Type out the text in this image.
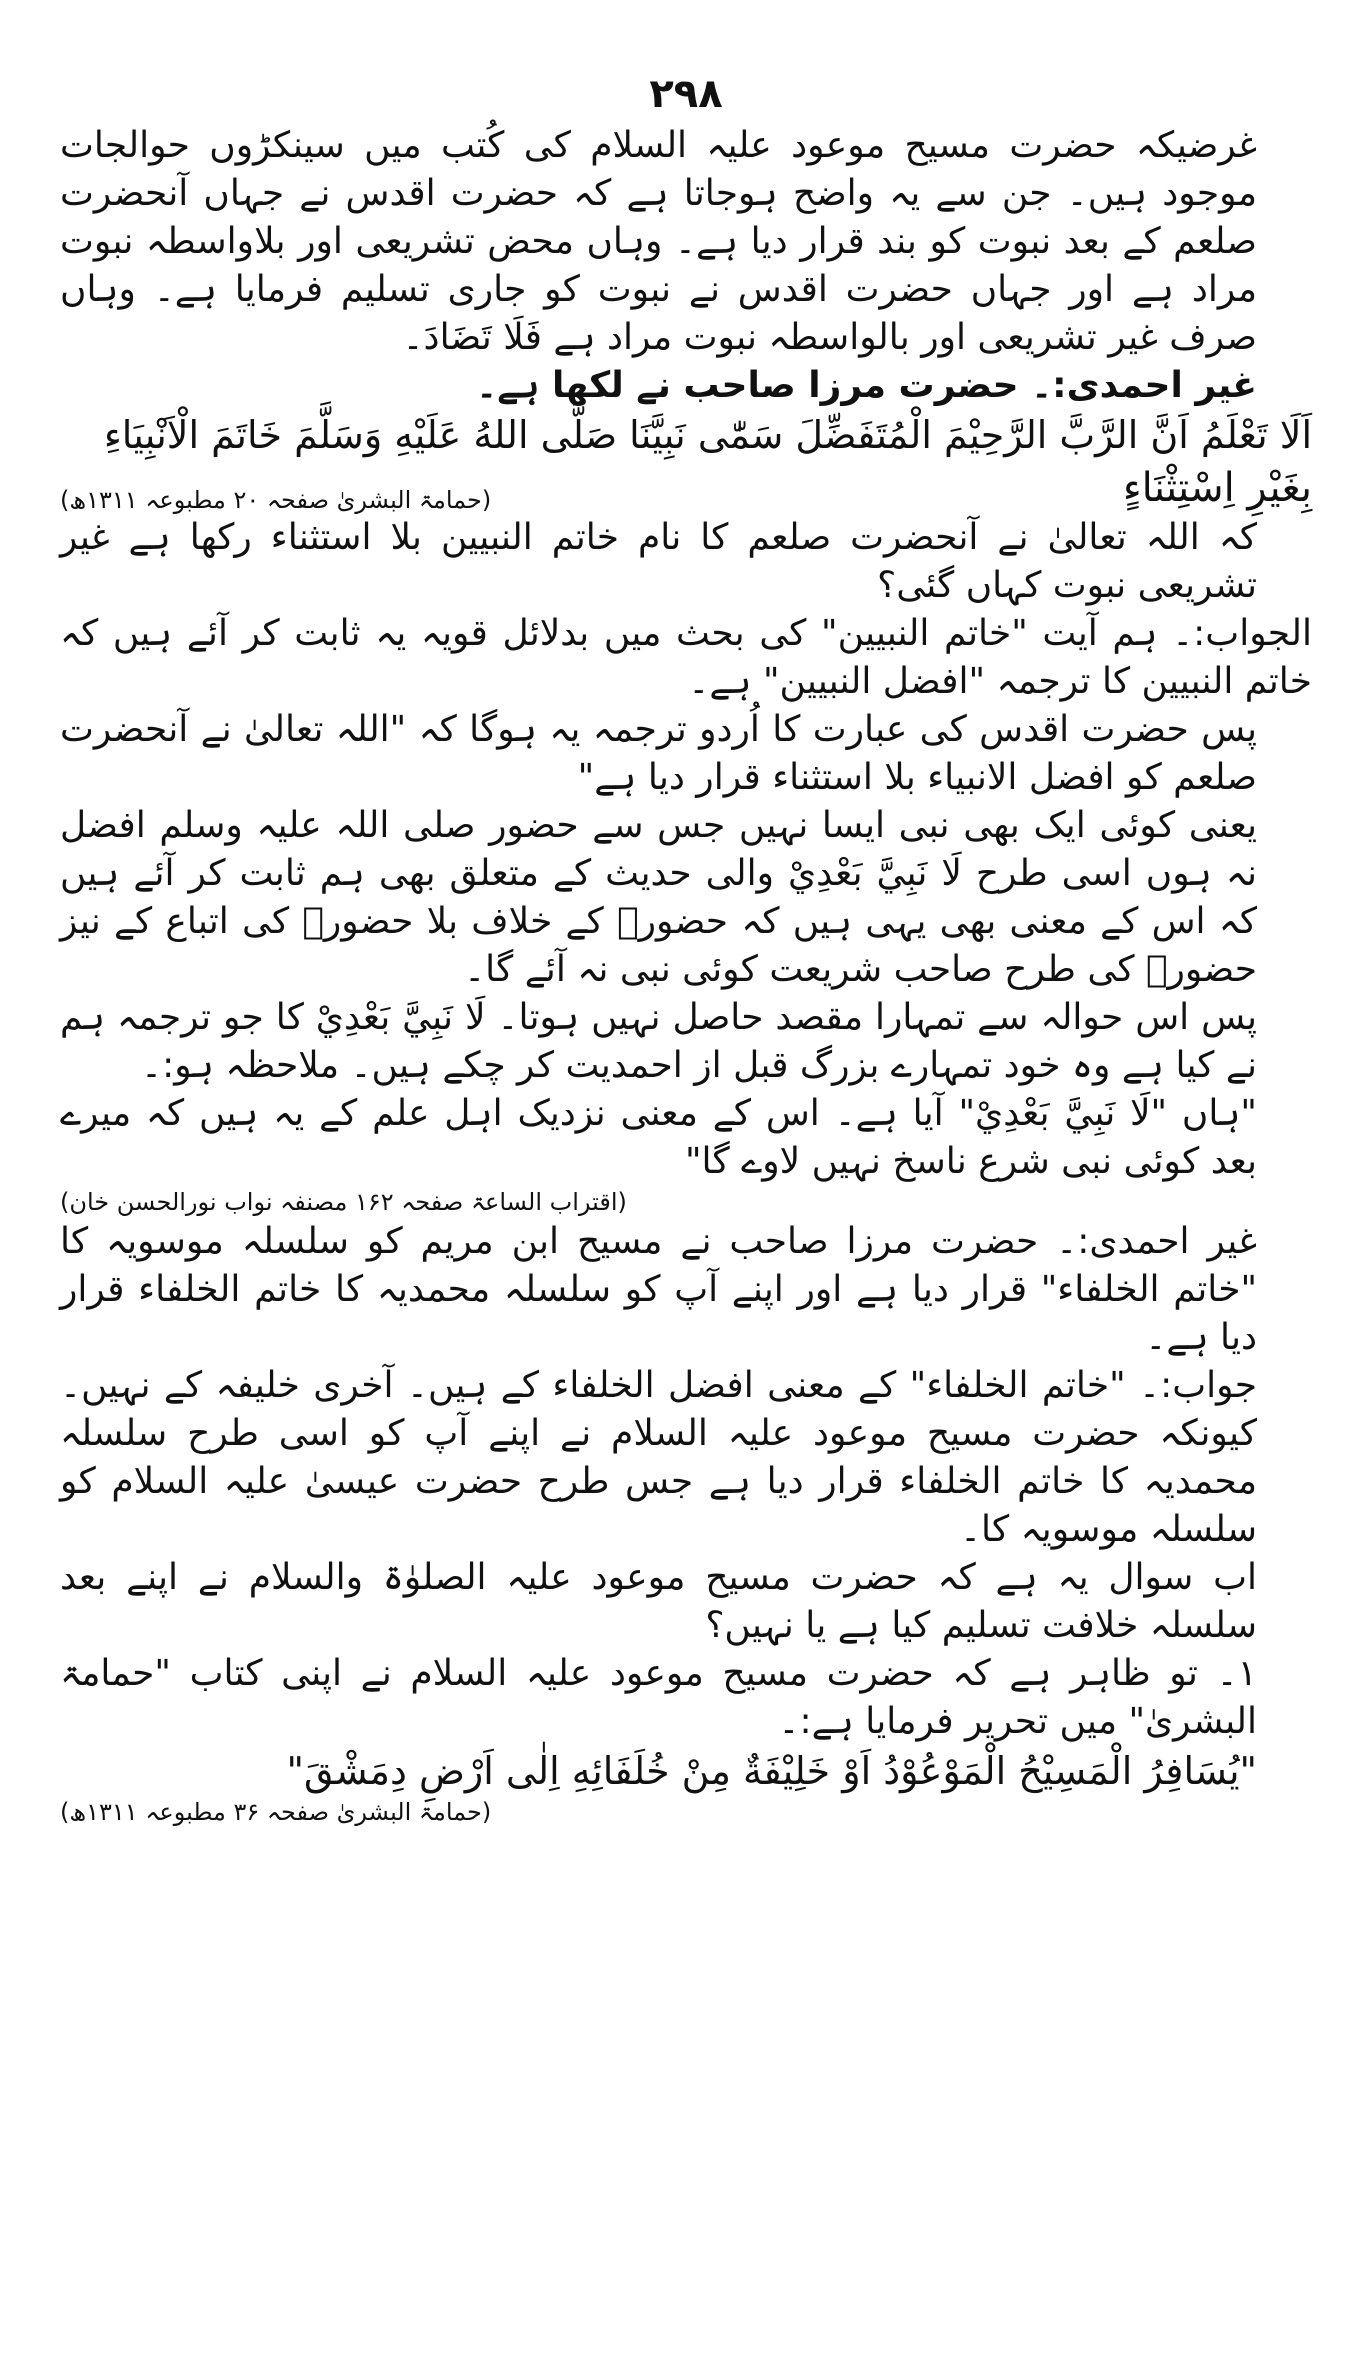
۲۹۸

غرضیکہ حضرت مسیح موعود علیہ السلام کی کُتب میں سینکڑوں حوالجات موجود ہیں۔ جن سے یہ واضح ہوجاتا ہے کہ حضرت اقدس نے جہاں آنحضرت صلعم کے بعد نبوت کو بند قرار دیا ہے۔ وہاں محض تشریعی اور بلاواسطہ نبوت مراد ہے اور جہاں حضرت اقدس نے نبوت کو جاری تسلیم فرمایا ہے۔ وہاں صرف غیر تشریعی اور بالواسطہ نبوت مراد ہے فَلَا تَضَادَ۔

غیر احمدی:۔ حضرت مرزا صاحب نے لکھا ہے۔

اَلَا تَعْلَمُ اَنَّ الرَّبَّ الرَّحِيْمَ الْمُتَفَضِّلَ سَمّٰى نَبِيَّنَا صَلَّى اللهُ عَلَيْهِ وَسَلَّمَ خَاتَمَ الْاَنْبِيَاءِ

بِغَيْرِ اِسْتِثْنَاءٍ
(حمامۃ البشریٰ صفحہ ۲۰ مطبوعہ ۱۳۱۱ھ)

کہ اللہ تعالیٰ نے آنحضرت صلعم کا نام خاتم النبیین بلا استثناء رکھا ہے غیر تشریعی نبوت کہاں گئی؟

الجواب:۔ ہم آیت "خاتم النبیین" کی بحث میں بدلائل قویہ یہ ثابت کر آئے ہیں کہ خاتم النبیین کا ترجمہ "افضل النبیین" ہے۔

پس حضرت اقدس کی عبارت کا اُردو ترجمہ یہ ہوگا کہ "اللہ تعالیٰ نے آنحضرت صلعم کو افضل الانبیاء بلا استثناء قرار دیا ہے"

یعنی کوئی ایک بھی نبی ایسا نہیں جس سے حضور صلی اللہ علیہ وسلم افضل نہ ہوں اسی طرح لَا نَبِيَّ بَعْدِيْ والی حدیث کے متعلق بھی ہم ثابت کر آئے ہیں کہ اس کے معنی بھی یہی ہیں کہ حضورؐ کے خلاف بلا حضورؐ کی اتباع کے نیز حضورؐ کی طرح صاحب شریعت کوئی نبی نہ آئے گا۔

پس اس حوالہ سے تمہارا مقصد حاصل نہیں ہوتا۔ لَا نَبِيَّ بَعْدِيْ کا جو ترجمہ ہم نے کیا ہے وہ خود تمہارے بزرگ قبل از احمدیت کر چکے ہیں۔ ملاحظہ ہو:۔

"ہاں "لَا نَبِيَّ بَعْدِيْ" آیا ہے۔ اس کے معنی نزدیک اہل علم کے یہ ہیں کہ میرے بعد کوئی نبی شرع ناسخ نہیں لاوے گا"

(اقتراب الساعۃ صفحہ ۱۶۲ مصنفہ نواب نورالحسن خان)

غیر احمدی:۔ حضرت مرزا صاحب نے مسیح ابن مریم کو سلسلہ موسویہ کا "خاتم الخلفاء" قرار دیا ہے اور اپنے آپ کو سلسلہ محمدیہ کا خاتم الخلفاء قرار دیا ہے۔

جواب:۔ "خاتم الخلفاء" کے معنی افضل الخلفاء کے ہیں۔ آخری خلیفہ کے نہیں۔ کیونکہ حضرت مسیح موعود علیہ السلام نے اپنے آپ کو اسی طرح سلسلہ محمدیہ کا خاتم الخلفاء قرار دیا ہے جس طرح حضرت عیسیٰ علیہ السلام کو سلسلہ موسویہ کا۔

اب سوال یہ ہے کہ حضرت مسیح موعود علیہ الصلوٰۃ والسلام نے اپنے بعد سلسلہ خلافت تسلیم کیا ہے یا نہیں؟

۱۔ تو ظاہر ہے کہ حضرت مسیح موعود علیہ السلام نے اپنی کتاب "حمامۃ البشریٰ" میں تحریر فرمایا ہے:۔

"يُسَافِرُ الْمَسِيْحُ الْمَوْعُوْدُ اَوْ خَلِيْفَةٌ مِنْ خُلَفَائِهِ اِلٰى اَرْضِ دِمَشْقَ"

(حمامۃ البشریٰ صفحہ ۳۶ مطبوعہ ۱۳۱۱ھ)
